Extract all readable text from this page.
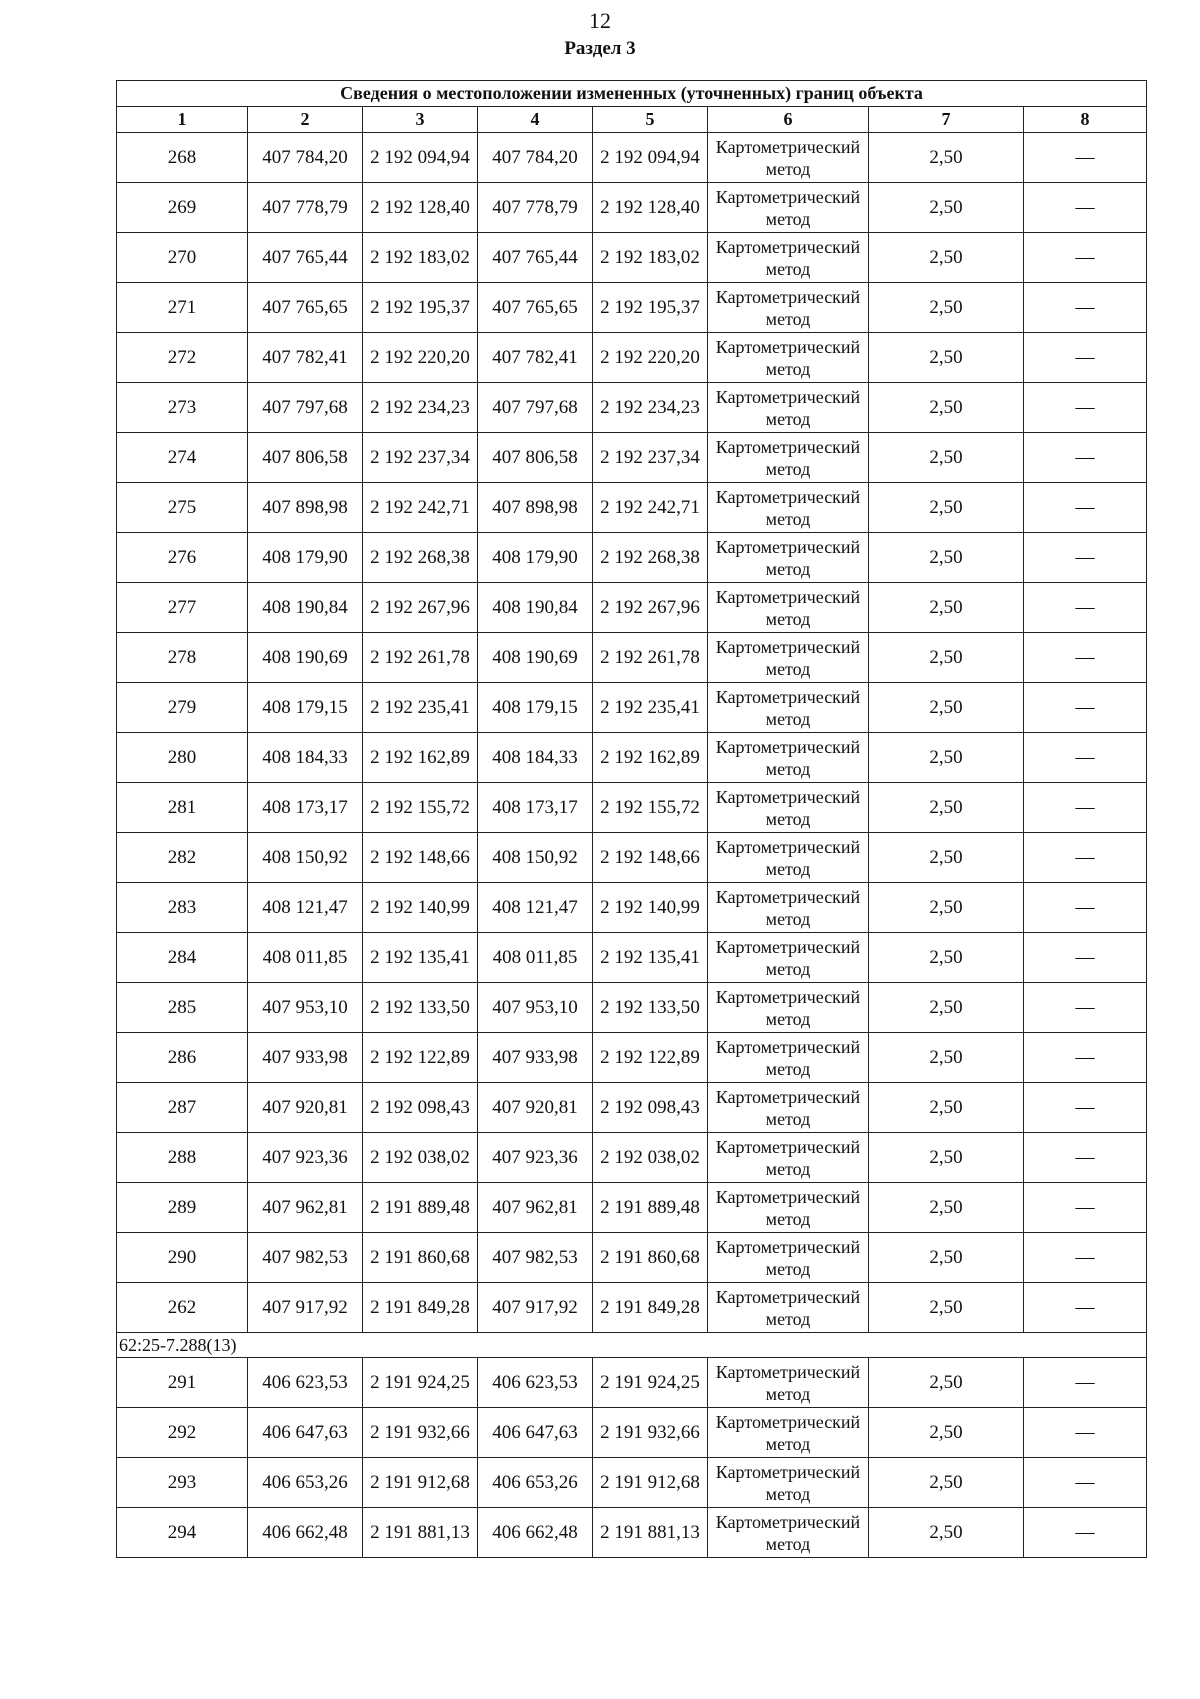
12
Раздел 3
Сведения о местоположении измененных (уточненных) границ объекта							
1	2	3	4	5	6	7	8
268	407 784,20	2 192 094,94	407 784,20	2 192 094,94	Картометрический метод	2,50	—
269	407 778,79	2 192 128,40	407 778,79	2 192 128,40	Картометрический метод	2,50	—
270	407 765,44	2 192 183,02	407 765,44	2 192 183,02	Картометрический метод	2,50	—
271	407 765,65	2 192 195,37	407 765,65	2 192 195,37	Картометрический метод	2,50	—
272	407 782,41	2 192 220,20	407 782,41	2 192 220,20	Картометрический метод	2,50	—
273	407 797,68	2 192 234,23	407 797,68	2 192 234,23	Картометрический метод	2,50	—
274	407 806,58	2 192 237,34	407 806,58	2 192 237,34	Картометрический метод	2,50	—
275	407 898,98	2 192 242,71	407 898,98	2 192 242,71	Картометрический метод	2,50	—
276	408 179,90	2 192 268,38	408 179,90	2 192 268,38	Картометрический метод	2,50	—
277	408 190,84	2 192 267,96	408 190,84	2 192 267,96	Картометрический метод	2,50	—
278	408 190,69	2 192 261,78	408 190,69	2 192 261,78	Картометрический метод	2,50	—
279	408 179,15	2 192 235,41	408 179,15	2 192 235,41	Картометрический метод	2,50	—
280	408 184,33	2 192 162,89	408 184,33	2 192 162,89	Картометрический метод	2,50	—
281	408 173,17	2 192 155,72	408 173,17	2 192 155,72	Картометрический метод	2,50	—
282	408 150,92	2 192 148,66	408 150,92	2 192 148,66	Картометрический метод	2,50	—
283	408 121,47	2 192 140,99	408 121,47	2 192 140,99	Картометрический метод	2,50	—
284	408 011,85	2 192 135,41	408 011,85	2 192 135,41	Картометрический метод	2,50	—
285	407 953,10	2 192 133,50	407 953,10	2 192 133,50	Картометрический метод	2,50	—
286	407 933,98	2 192 122,89	407 933,98	2 192 122,89	Картометрический метод	2,50	—
287	407 920,81	2 192 098,43	407 920,81	2 192 098,43	Картометрический метод	2,50	—
288	407 923,36	2 192 038,02	407 923,36	2 192 038,02	Картометрический метод	2,50	—
289	407 962,81	2 191 889,48	407 962,81	2 191 889,48	Картометрический метод	2,50	—
290	407 982,53	2 191 860,68	407 982,53	2 191 860,68	Картометрический метод	2,50	—
262	407 917,92	2 191 849,28	407 917,92	2 191 849,28	Картометрический метод	2,50	—
62:25-7.288(13)							
291	406 623,53	2 191 924,25	406 623,53	2 191 924,25	Картометрический метод	2,50	—
292	406 647,63	2 191 932,66	406 647,63	2 191 932,66	Картометрический метод	2,50	—
293	406 653,26	2 191 912,68	406 653,26	2 191 912,68	Картометрический метод	2,50	—
294	406 662,48	2 191 881,13	406 662,48	2 191 881,13	Картометрический метод	2,50	—
